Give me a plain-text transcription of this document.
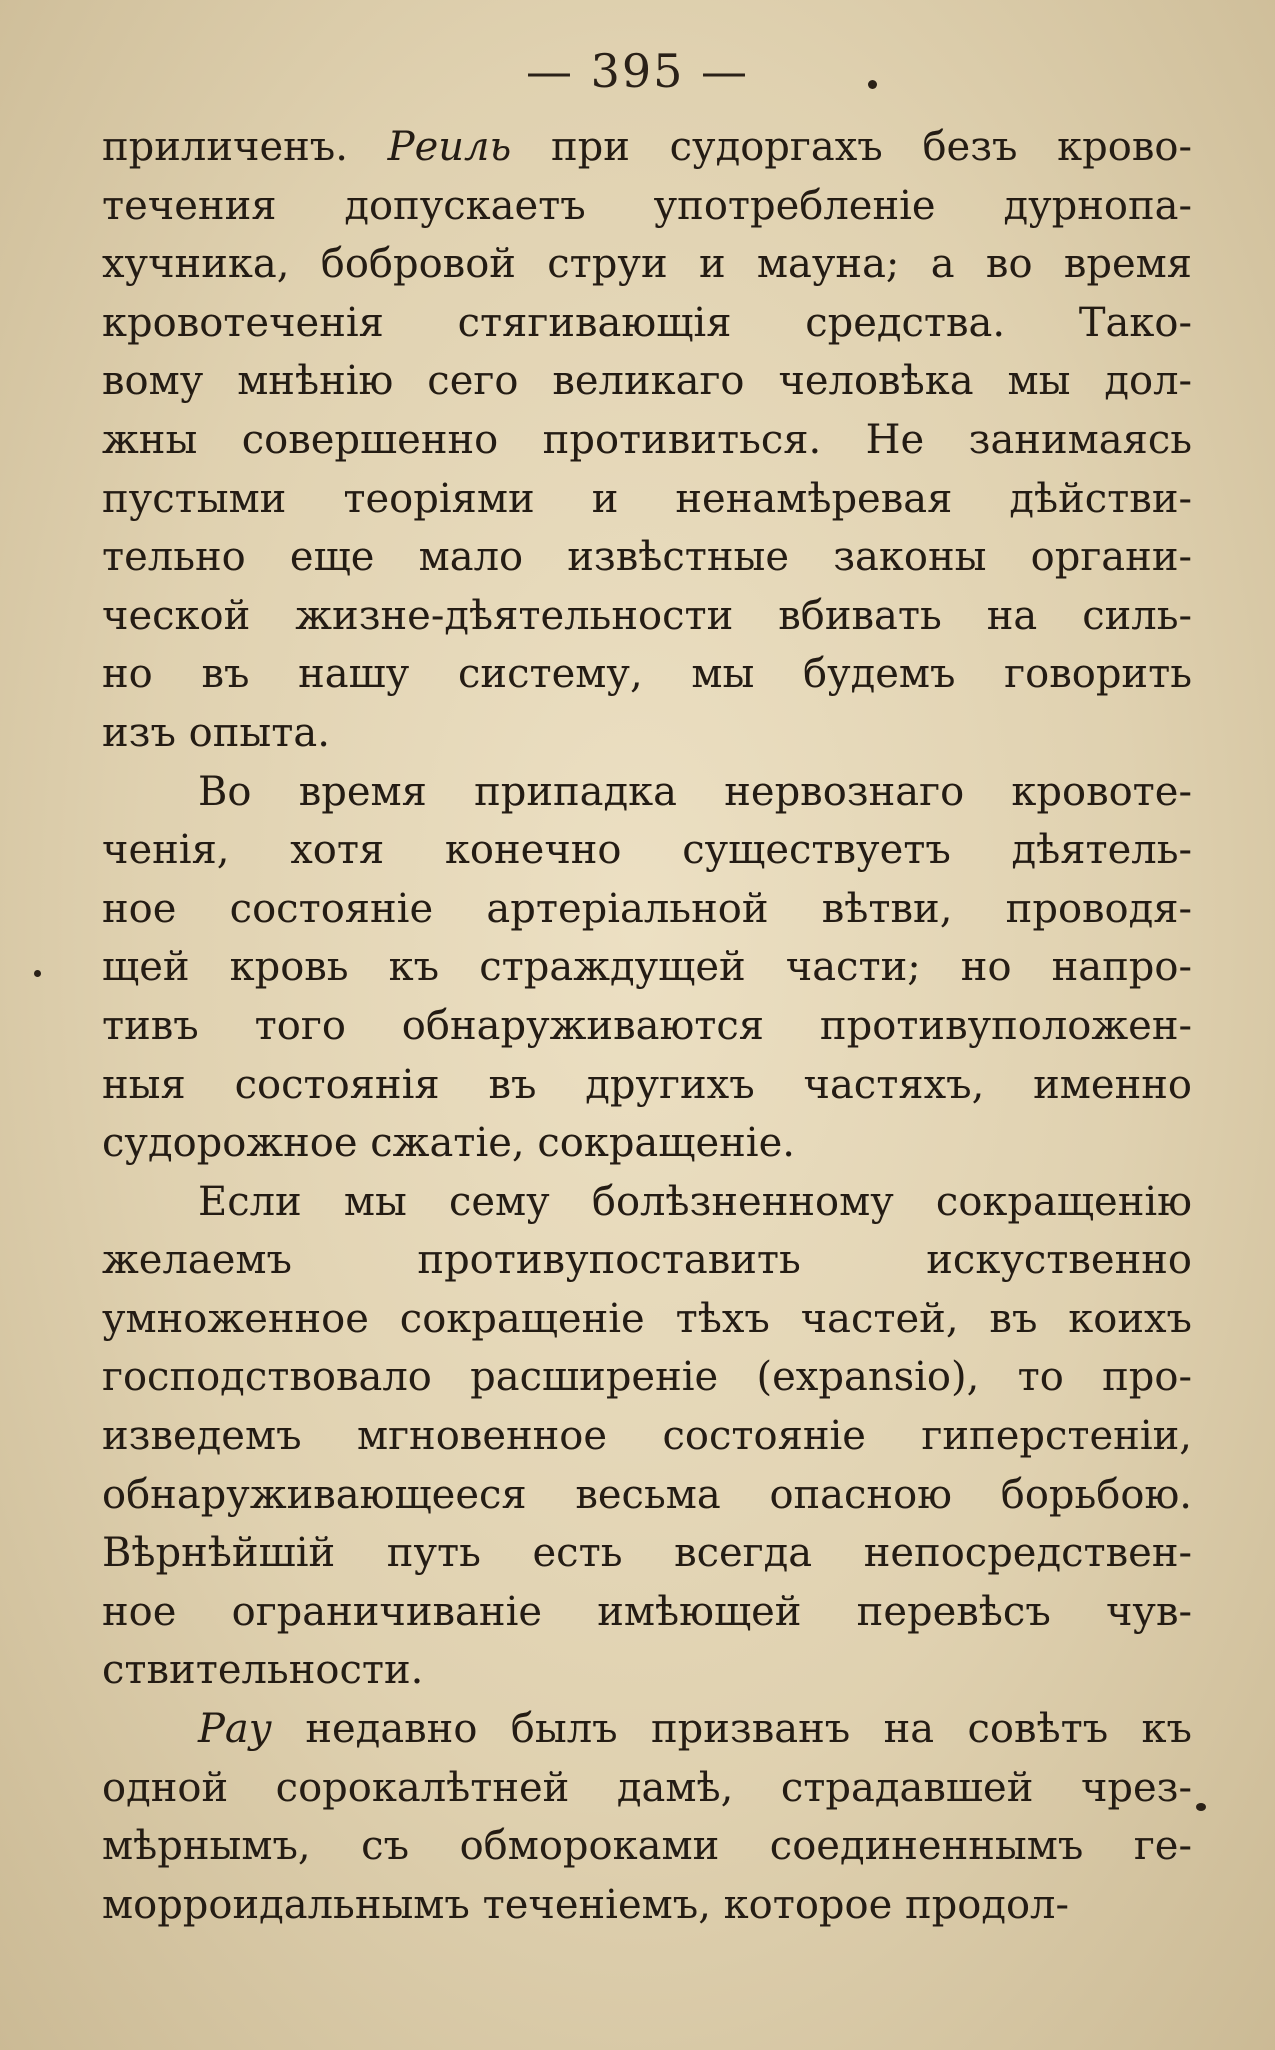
— 395 —
приличенъ. Реиль при судоргахъ безъ крово-
течения допускаетъ употребленіе дурнопа-
хучника, бобровой струи и мауна; а во время
кровотеченія стягивающія средства. Тако-
вому мнѣнію сего великаго человѣка мы дол-
жны совершенно противиться. Не занимаясь
пустыми теоріями и ненамѣревая дѣйстви-
тельно еще мало извѣстные законы органи-
ческой жизне-дѣятельности вбивать на силь-
но въ нашу систему, мы будемъ говорить
изъ опыта.
Во время припадка нервознаго кровоте-
ченія, хотя конечно существуетъ дѣятель-
ное состояніе артеріальной вѣтви, проводя-
щей кровь къ страждущей части; но напро-
тивъ того обнаруживаются противуположен-
ныя состоянія въ другихъ частяхъ, именно
судорожное сжатіе, сокращеніе.
Если мы сему болѣзненному сокращенію
желаемъ противупоставить искуственно
умноженное сокращеніе тѣхъ частей, въ коихъ
господствовало расширеніе (expansio), то про-
изведемъ мгновенное состояніе гиперстеніи,
обнаруживающееся весьма опасною борьбою.
Вѣрнѣйшій путь есть всегда непосредствен-
ное ограничиваніе имѣющей перевѣсъ чув-
ствительности.
Рау недавно былъ призванъ на совѣтъ къ
одной сорокалѣтней дамѣ, страдавшей чрез-
мѣрнымъ, съ обмороками соединеннымъ ге-
морроидальнымъ теченіемъ, которое продол-
